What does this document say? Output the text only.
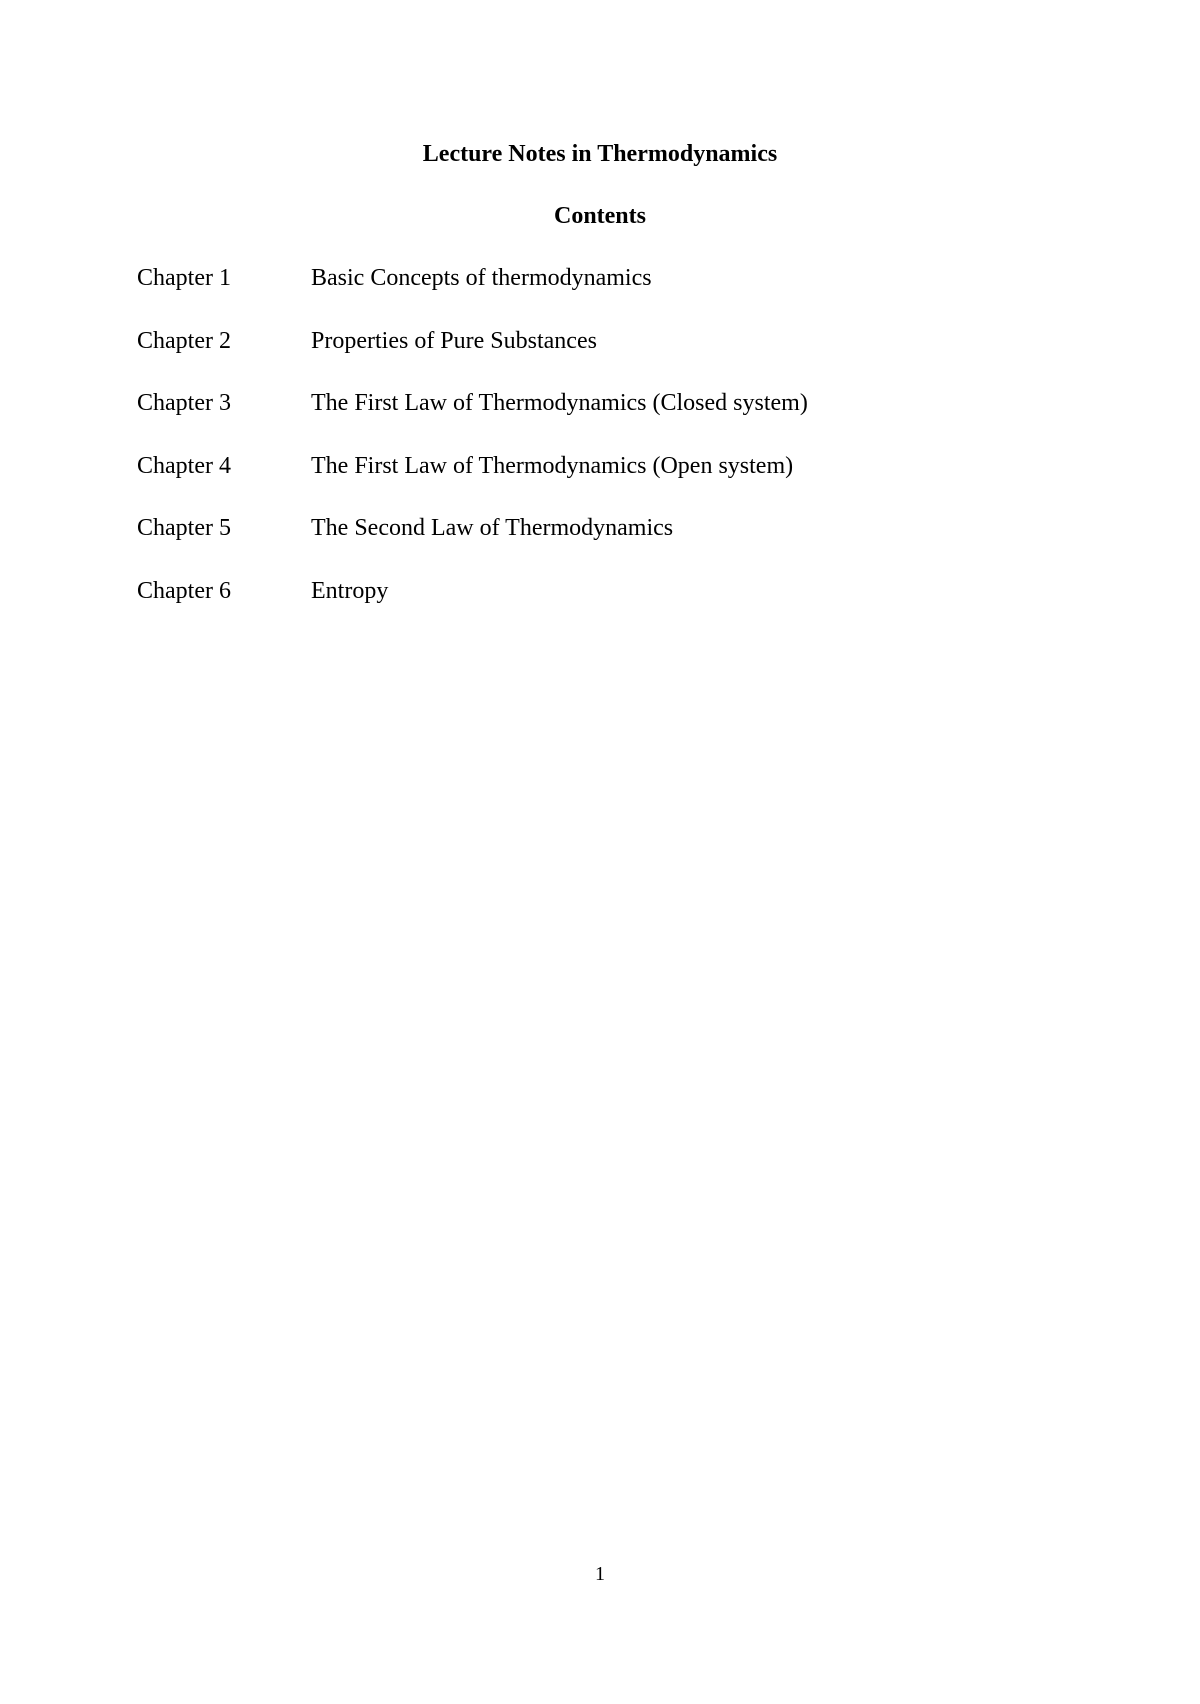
Lecture Notes in Thermodynamics
Contents
Chapter 1	Basic Concepts of thermodynamics
Chapter 2	Properties of Pure Substances
Chapter 3	The First Law of Thermodynamics (Closed system)
Chapter 4	The First Law of Thermodynamics (Open system)
Chapter 5	The Second Law of Thermodynamics
Chapter 6	Entropy
1
